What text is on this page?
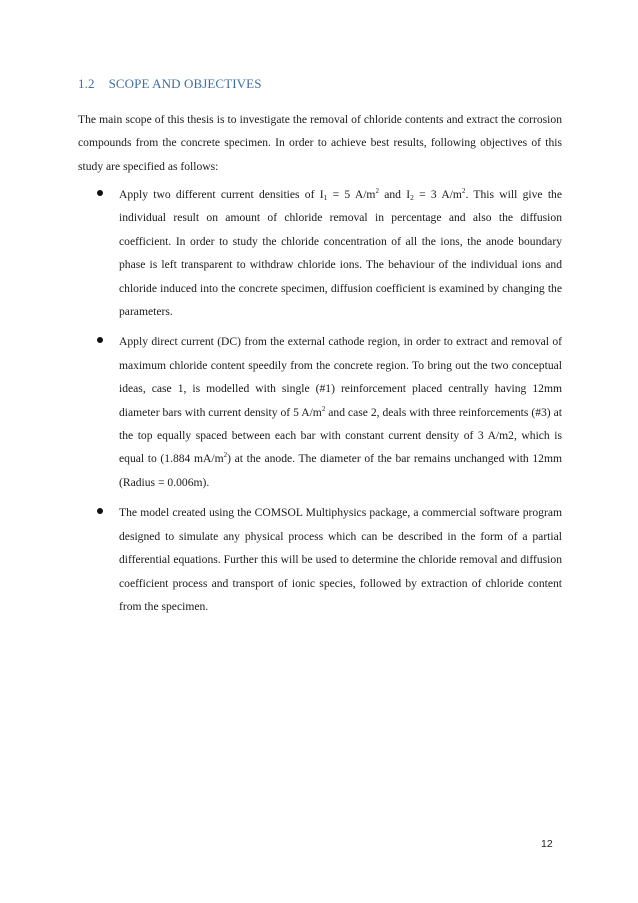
1.2 SCOPE AND OBJECTIVES

The main scope of this thesis is to investigate the removal of chloride contents and extract the corrosion compounds from the concrete specimen. In order to achieve best results, following objectives of this study are specified as follows:

Apply two different current densities of $I_1 = 5$ $A/m^2$ and $I_2 = 3$ $A/m^2$. This will give the individual result on amount of chloride removal in percentage and also the diffusion coefficient. In order to study the chloride concentration of all the ions, the anode boundary phase is left transparent to withdraw chloride ions. The behaviour of the individual ions and chloride induced into the concrete specimen, diffusion coefficient is examined by changing the parameters.
Apply direct current (DC) from the external cathode region, in order to extract and removal of maximum chloride content speedily from the concrete region. To bring out the two conceptual ideas, case 1, is modelled with single (#1) reinforcement placed centrally having 12mm diameter bars with current density of 5 $A/m^2$ and case 2, deals with three reinforcements (#3) at the top equally spaced between each bar with constant current density of 3 A/m2, which is equal to (1.884 $mA/m^2$) at the anode. The diameter of the bar remains unchanged with 12mm (Radius = 0.006m).
The model created using the COMSOL Multiphysics package, a commercial software program designed to simulate any physical process which can be described in the form of a partial differential equations. Further this will be used to determine the chloride removal and diffusion coefficient process and transport of ionic species, followed by extraction of chloride content from the specimen.
12
